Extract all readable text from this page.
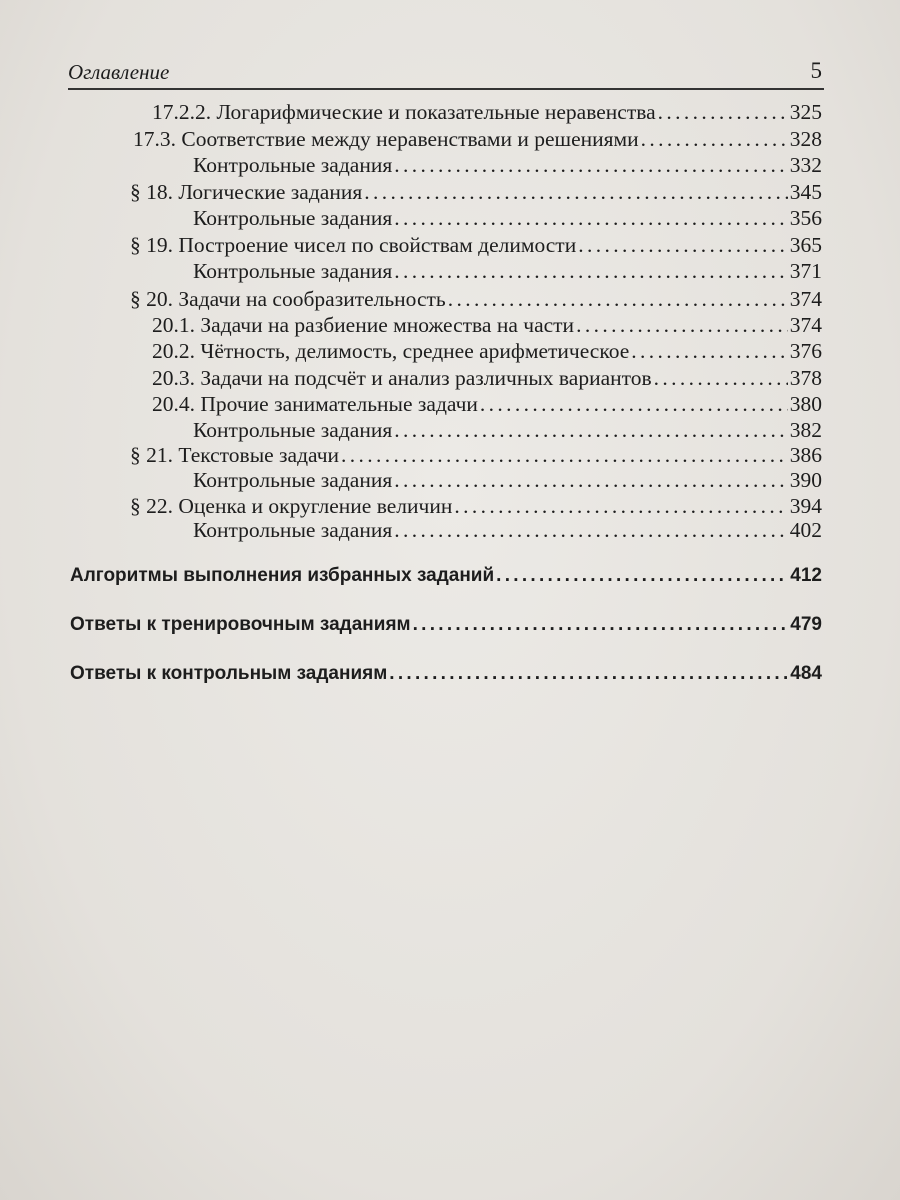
Оглавление	5
17.2.2. Логарифмические и показательные неравенства . . .	325
17.3. Соответствие между неравенствами и решениями . . .	328
Контрольные задания . . .	332
§ 18. Логические задания . . .	345
Контрольные задания . . .	356
§ 19. Построение чисел по свойствам делимости . . .	365
Контрольные задания . . .	371
§ 20. Задачи на сообразительность . . .	374
20.1. Задачи на разбиение множества на части . . .	374
20.2. Чётность, делимость, среднее арифметическое . . .	376
20.3. Задачи на подсчёт и анализ различных вариантов . . .	378
20.4. Прочие занимательные задачи . . .	380
Контрольные задания . . .	382
§ 21. Текстовые задачи . . .	386
Контрольные задания . . .	390
§ 22. Оценка и округление величин . . .	394
Контрольные задания . . .	402
Алгоритмы выполнения избранных заданий . . .	412
Ответы к тренировочным заданиям . . .	479
Ответы к контрольным заданиям . . .	484
